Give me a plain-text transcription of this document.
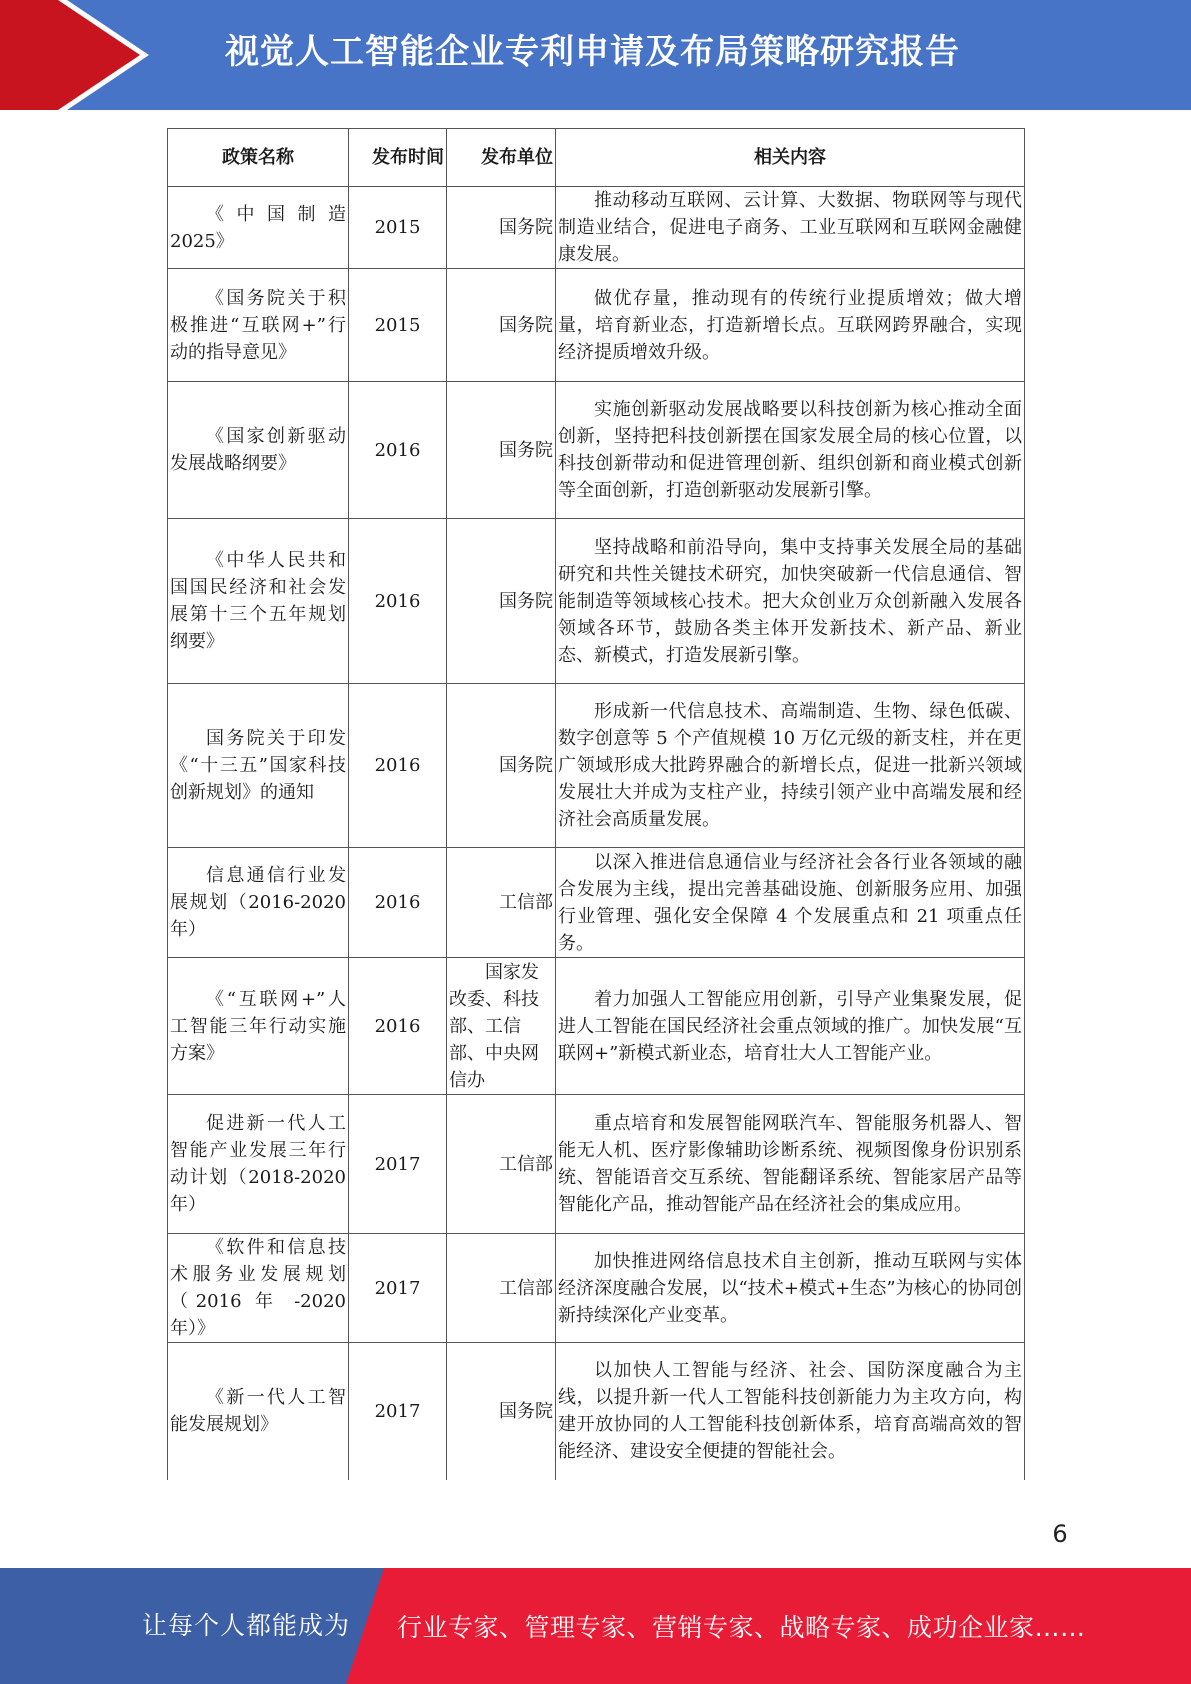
视觉人工智能企业专利申请及布局策略研究报告
政策名称	发布时间	发布单位	相关内容
《中国制造2025》	2015	国务院	推动移动互联网、云计算、大数据、物联网等与现代制造业结合，促进电子商务、工业互联网和互联网金融健康发展。
《国务院关于积极推进“互联网+”行动的指导意见》	2015	国务院	做优存量，推动现有的传统行业提质增效；做大增量，培育新业态，打造新增长点。互联网跨界融合，实现经济提质增效升级。
《国家创新驱动发展战略纲要》	2016	国务院	实施创新驱动发展战略要以科技创新为核心推动全面创新，坚持把科技创新摆在国家发展全局的核心位置，以科技创新带动和促进管理创新、组织创新和商业模式创新等全面创新，打造创新驱动发展新引擎。
《中华人民共和国国民经济和社会发展第十三个五年规划纲要》	2016	国务院	坚持战略和前沿导向，集中支持事关发展全局的基础研究和共性关键技术研究，加快突破新一代信息通信、智能制造等领域核心技术。把大众创业万众创新融入发展各领域各环节，鼓励各类主体开发新技术、新产品、新业态、新模式，打造发展新引擎。
国务院关于印发《“十三五”国家科技创新规划》的通知	2016	国务院	形成新一代信息技术、高端制造、生物、绿色低碳、数字创意等 5 个产值规模 10 万亿元级的新支柱，并在更广领域形成大批跨界融合的新增长点，促进一批新兴领域发展壮大并成为支柱产业，持续引领产业中高端发展和经济社会高质量发展。
信息通信行业发展规划（2016-2020 年）	2016	工信部	以深入推进信息通信业与经济社会各行业各领域的融合发展为主线，提出完善基础设施、创新服务应用、加强行业管理、强化安全保障 4 个发展重点和 21 项重点任务。
《“互联网+”人工智能三年行动实施方案》	2016	国家发改委、科技部、工信部、中央网信办	着力加强人工智能应用创新，引导产业集聚发展，促进人工智能在国民经济社会重点领域的推广。加快发展“互联网+”新模式新业态，培育壮大人工智能产业。
促进新一代人工智能产业发展三年行动计划（2018-2020 年）	2017	工信部	重点培育和发展智能网联汽车、智能服务机器人、智能无人机、医疗影像辅助诊断系统、视频图像身份识别系统、智能语音交互系统、智能翻译系统、智能家居产品等智能化产品，推动智能产品在经济社会的集成应用。
《软件和信息技术服务业发展规划（2016 年 -2020 年）》	2017	工信部	加快推进网络信息技术自主创新，推动互联网与实体经济深度融合发展，以“技术+模式+生态”为核心的协同创新持续深化产业变革。
《新一代人工智能发展规划》	2017	国务院	以加快人工智能与经济、社会、国防深度融合为主线，以提升新一代人工智能科技创新能力为主攻方向，构建开放协同的人工智能科技创新体系，培育高端高效的智能经济、建设安全便捷的智能社会。
6
让每个人都能成为 行业专家、管理专家、营销专家、战略专家、成功企业家……
